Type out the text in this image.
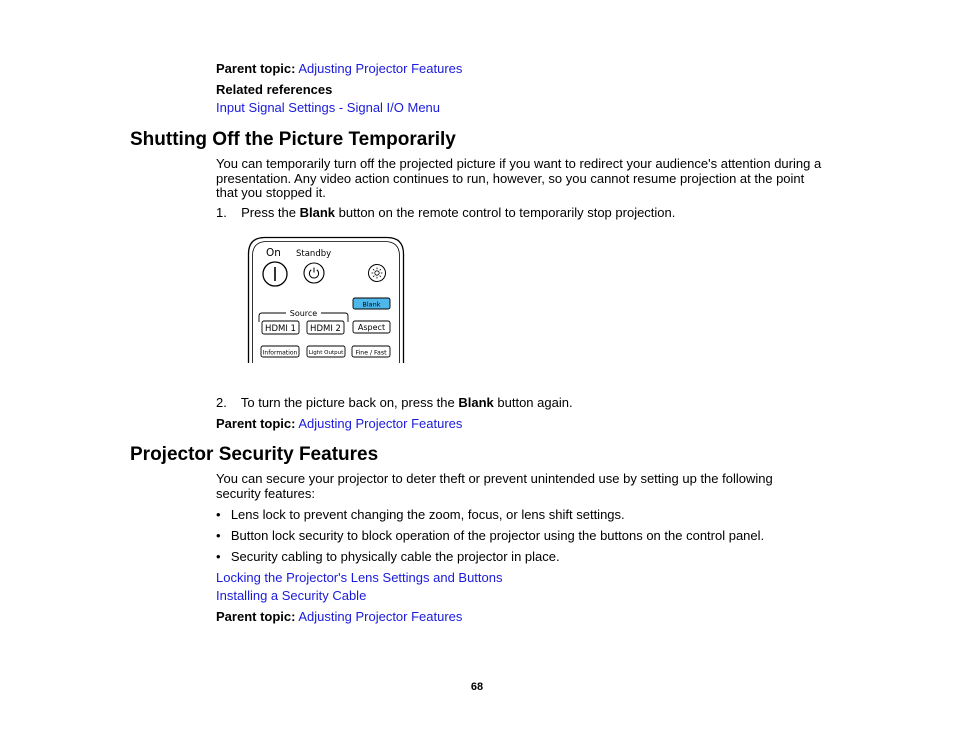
Parent topic: Adjusting Projector Features
Related references
Input Signal Settings - Signal I/O Menu
Shutting Off the Picture Temporarily
You can temporarily turn off the projected picture if you want to redirect your audience's attention during a presentation. Any video action continues to run, however, so you cannot resume projection at the point that you stopped it.
1. Press the Blank button on the remote control to temporarily stop projection.
On Standby
Blank
Source
HDMI 1 HDMI 2 Aspect
Information Light Output Fine / Fast
2. To turn the picture back on, press the Blank button again.
Parent topic: Adjusting Projector Features
Projector Security Features
You can secure your projector to deter theft or prevent unintended use by setting up the following security features:
• Lens lock to prevent changing the zoom, focus, or lens shift settings.
• Button lock security to block operation of the projector using the buttons on the control panel.
• Security cabling to physically cable the projector in place.
Locking the Projector's Lens Settings and Buttons
Installing a Security Cable
Parent topic: Adjusting Projector Features
68
